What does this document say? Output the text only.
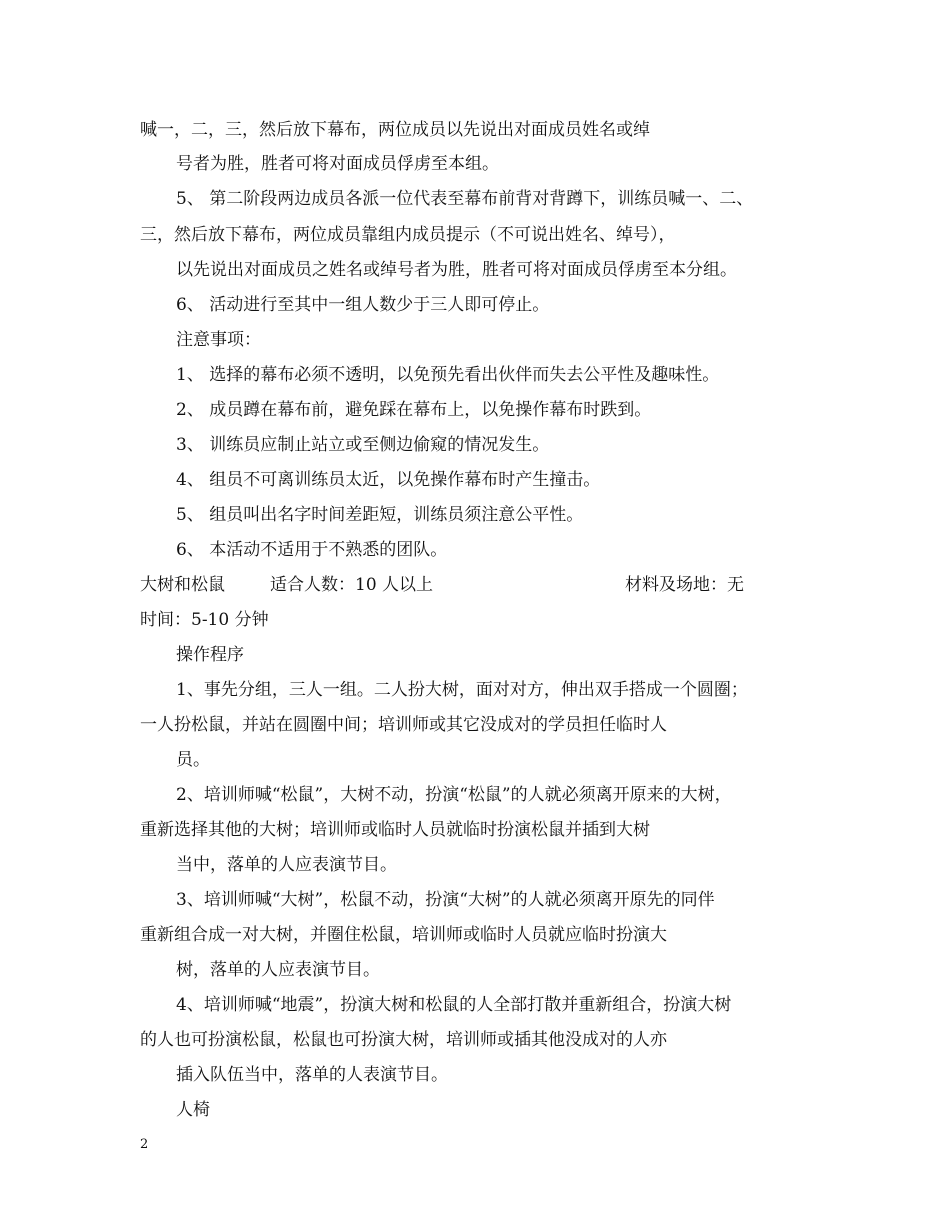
喊一，二，三，然后放下幕布，两位成员以先说出对面成员姓名或绰
号者为胜，胜者可将对面成员俘虏至本组。
5、 第二阶段两边成员各派一位代表至幕布前背对背蹲下，训练员喊一、二、
三，然后放下幕布，两位成员靠组内成员提示（不可说出姓名、绰号），
以先说出对面成员之姓名或绰号者为胜，胜者可将对面成员俘虏至本分组。
6、 活动进行至其中一组人数少于三人即可停止。
注意事项：
1、 选择的幕布必须不透明，以免预先看出伙伴而失去公平性及趣味性。
2、 成员蹲在幕布前，避免踩在幕布上，以免操作幕布时跌到。
3、 训练员应制止站立或至侧边偷窥的情况发生。
4、 组员不可离训练员太近，以免操作幕布时产生撞击。
5、 组员叫出名字时间差距短，训练员须注意公平性。
6、 本活动不适用于不熟悉的团队。
大树和松鼠	适合人数：10 人以上	材料及场地：无
时间：5-10 分钟
操作程序
1、事先分组，三人一组。二人扮大树，面对对方，伸出双手搭成一个圆圈；
一人扮松鼠，并站在圆圈中间；培训师或其它没成对的学员担任临时人
员。
2、培训师喊“松鼠”，大树不动，扮演“松鼠”的人就必须离开原来的大树，
重新选择其他的大树；培训师或临时人员就临时扮演松鼠并插到大树
当中，落单的人应表演节目。
3、培训师喊“大树”，松鼠不动，扮演“大树”的人就必须离开原先的同伴
重新组合成一对大树，并圈住松鼠，培训师或临时人员就应临时扮演大
树，落单的人应表演节目。
4、培训师喊“地震”，扮演大树和松鼠的人全部打散并重新组合，扮演大树
的人也可扮演松鼠，松鼠也可扮演大树，培训师或插其他没成对的人亦
插入队伍当中，落单的人表演节目。
人椅
2
